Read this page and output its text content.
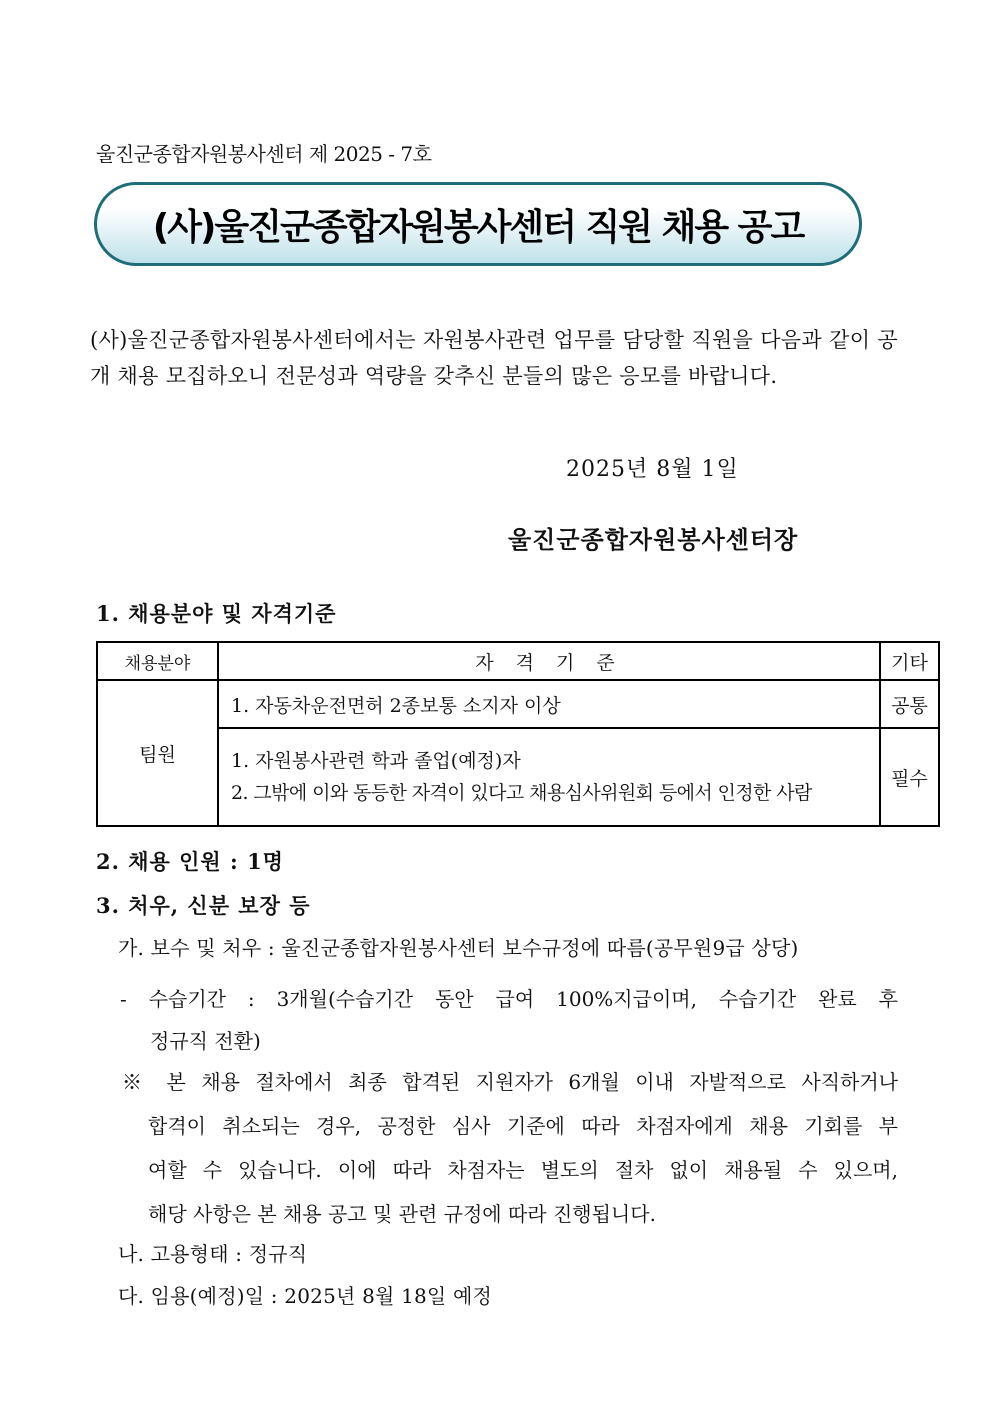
울진군종합자원봉사센터 제 2025 - 7호
(사)울진군종합자원봉사센터 직원 채용 공고
(사)울진군종합자원봉사센터에서는 자원봉사관련 업무를 담당할 직원을 다음과 같이 공개 채용 모집하오니 전문성과 역량을 갖추신 분들의 많은 응모를 바랍니다.
2025년 8월 1일
울진군종합자원봉사센터장
1. 채용분야 및 자격기준
채용분야	자 격 기 준	기타
팀원	1. 자동차운전면허 2종보통 소지자 이상	공통

	1. 자원봉사관련 학과 졸업(예정)자
2. 그밖에 이와 동등한 자격이 있다고 채용심사위원회 등에서 인정한 사람	필수
2. 채용 인원 : 1명
3. 처우, 신분 보장 등
가. 보수 및 처우 : 울진군종합자원봉사센터 보수규정에 따름(공무원9급 상당)
- 수습기간 : 3개월(수습기간 동안 급여 100%지급이며, 수습기간 완료 후
정규직 전환)
※ 본 채용 절차에서 최종 합격된 지원자가 6개월 이내 자발적으로 사직하거나
합격이 취소되는 경우, 공정한 심사 기준에 따라 차점자에게 채용 기회를 부
여할 수 있습니다. 이에 따라 차점자는 별도의 절차 없이 채용될 수 있으며,
해당 사항은 본 채용 공고 및 관련 규정에 따라 진행됩니다.
나. 고용형태 : 정규직
다. 임용(예정)일 : 2025년 8월 18일 예정
